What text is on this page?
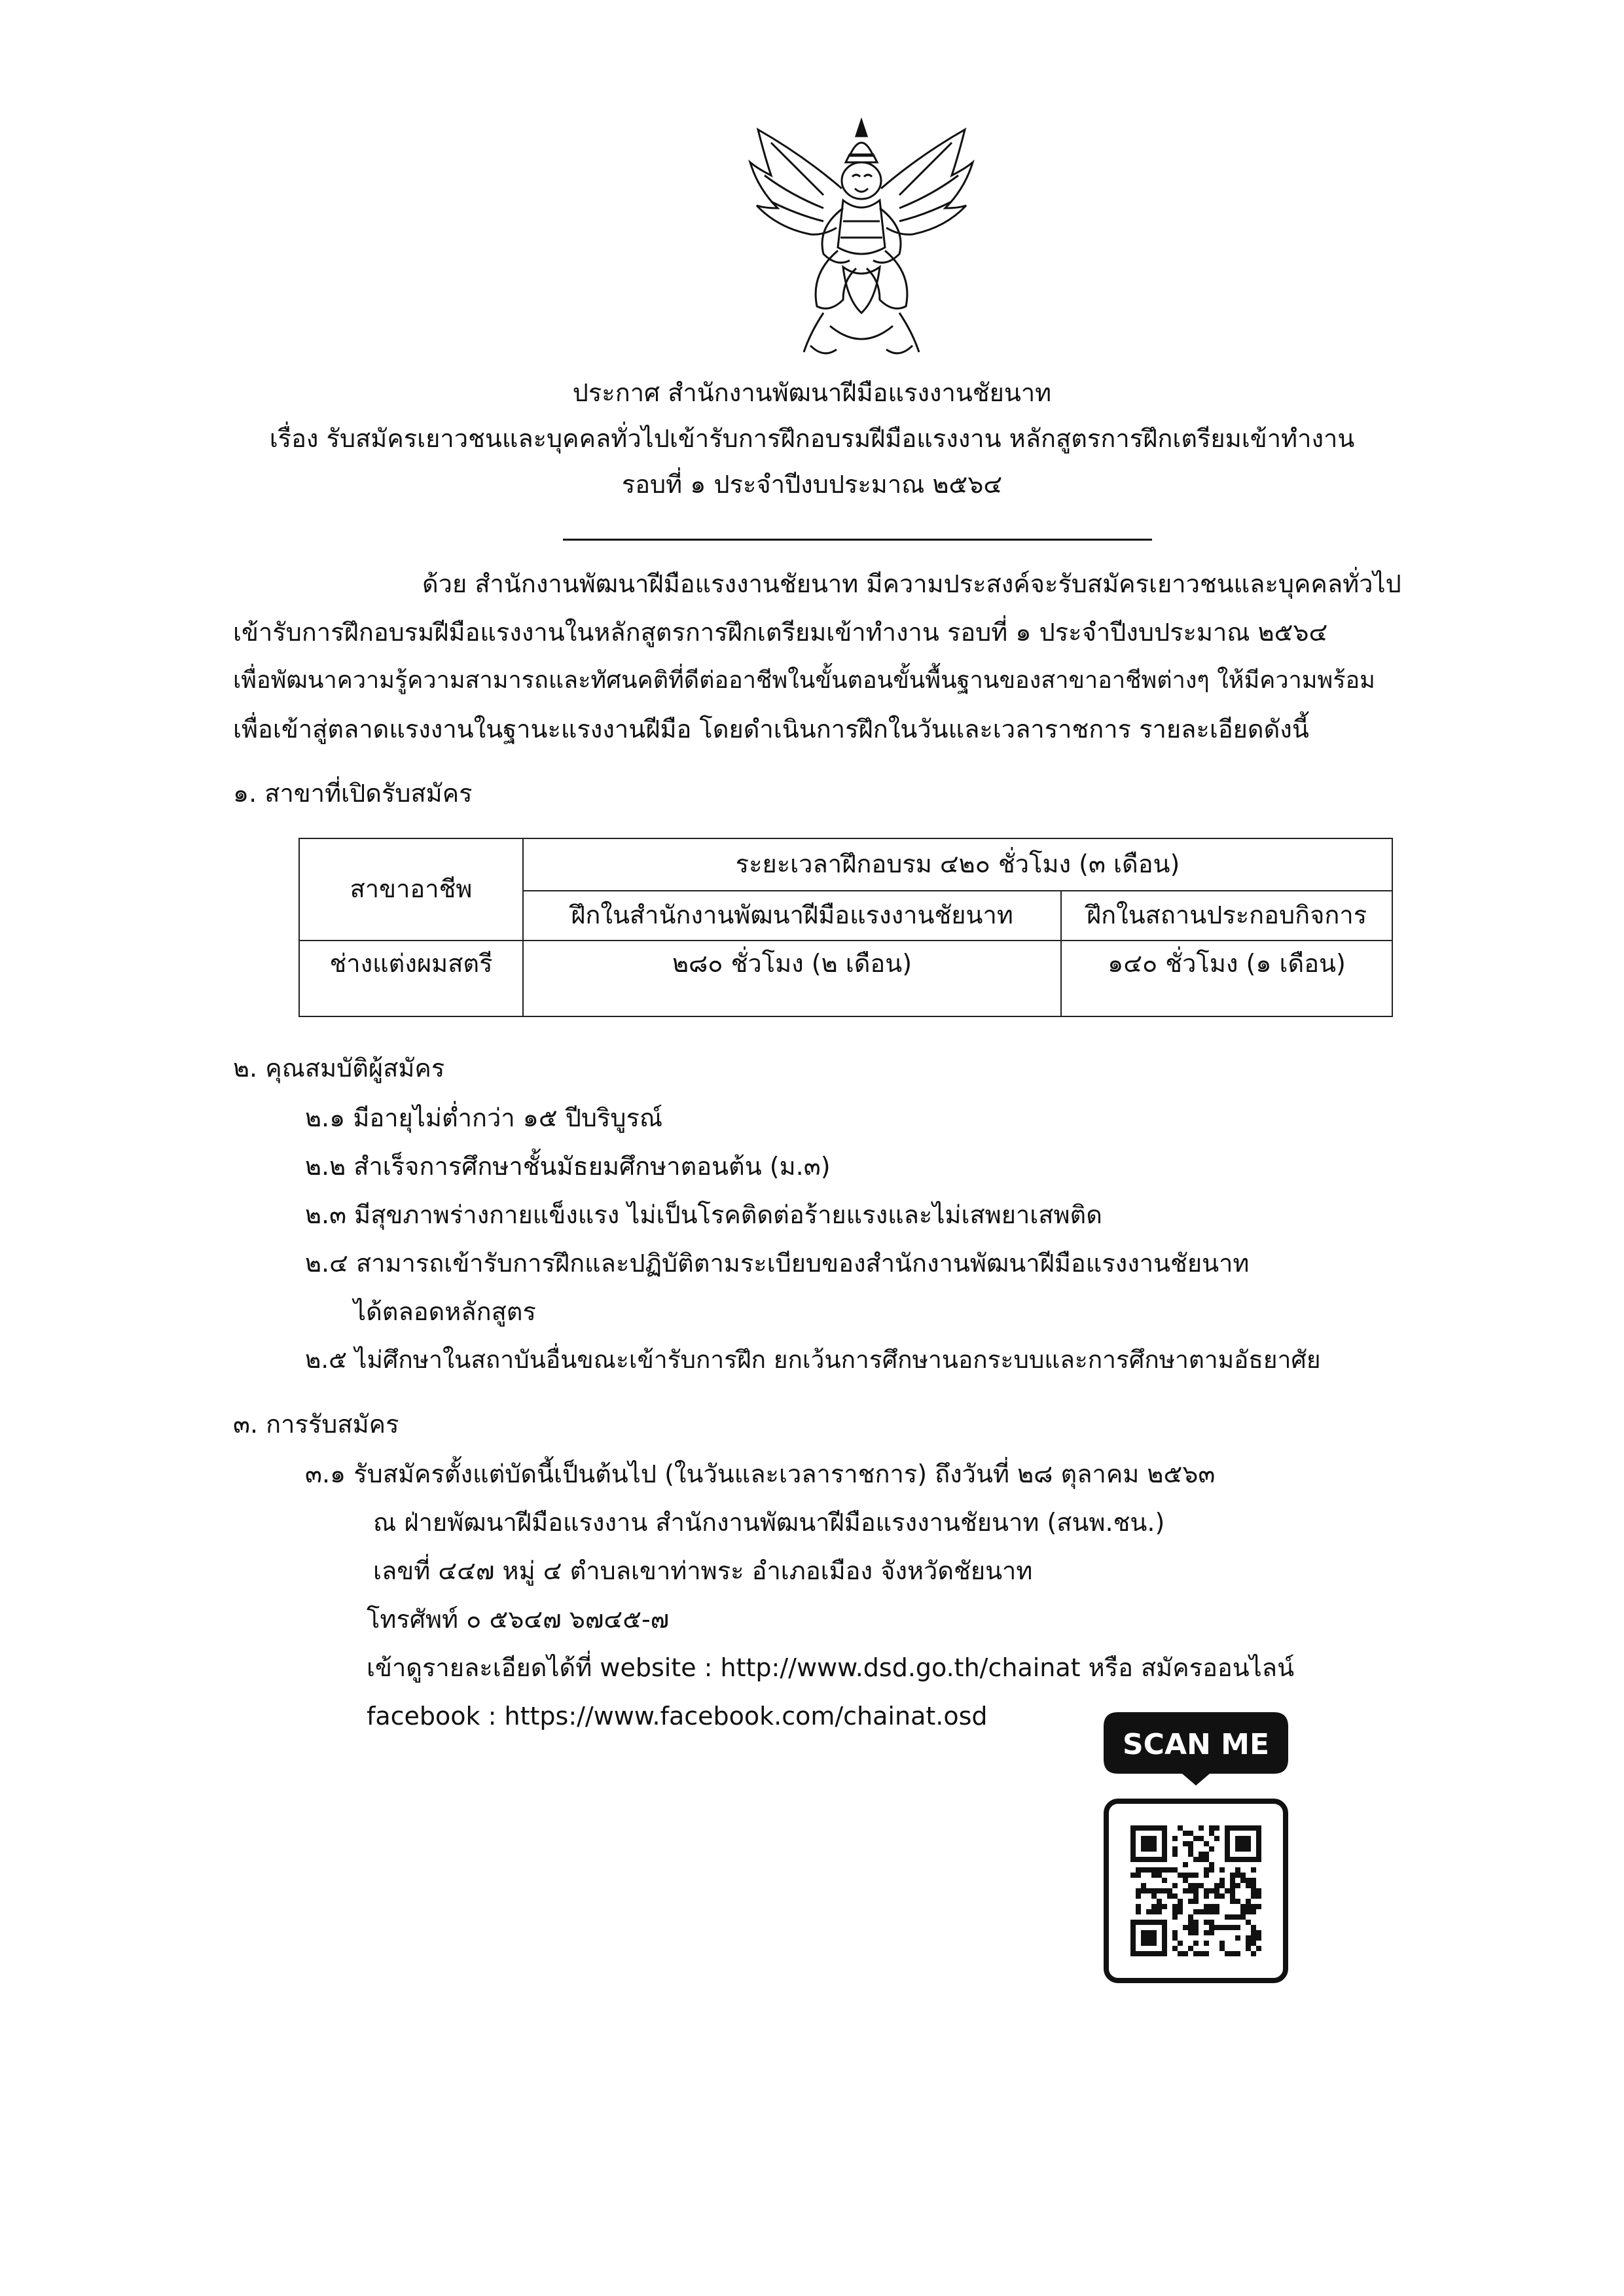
ประกาศ สำนักงานพัฒนาฝีมือแรงงานชัยนาท
เรื่อง รับสมัครเยาวชนและบุคคลทั่วไปเข้ารับการฝึกอบรมฝีมือแรงงาน หลักสูตรการฝึกเตรียมเข้าทำงาน
รอบที่ ๑ ประจำปีงบประมาณ ๒๕๖๔
ด้วย สำนักงานพัฒนาฝีมือแรงงานชัยนาท มีความประสงค์จะรับสมัครเยาวชนและบุคคลทั่วไป
เข้ารับการฝึกอบรมฝีมือแรงงานในหลักสูตรการฝึกเตรียมเข้าทำงาน รอบที่ ๑ ประจำปีงบประมาณ ๒๕๖๔
เพื่อพัฒนาความรู้ความสามารถและทัศนคติที่ดีต่ออาชีพในขั้นตอนขั้นพื้นฐานของสาขาอาชีพต่างๆ ให้มีความพร้อม
เพื่อเข้าสู่ตลาดแรงงานในฐานะแรงงานฝีมือ โดยดำเนินการฝึกในวันและเวลาราชการ รายละเอียดดังนี้
๑. สาขาที่เปิดรับสมัคร
สาขาอาชีพ	ระยะเวลาฝึกอบรม ๔๒๐ ชั่วโมง (๓ เดือน)	
	ฝึกในสำนักงานพัฒนาฝีมือแรงงานชัยนาท	ฝึกในสถานประกอบกิจการ
ช่างแต่งผมสตรี	๒๘๐ ชั่วโมง (๒ เดือน)	๑๔๐ ชั่วโมง (๑ เดือน)
๒. คุณสมบัติผู้สมัคร
๒.๑ มีอายุไม่ต่ำกว่า ๑๕ ปีบริบูรณ์
๒.๒ สำเร็จการศึกษาชั้นมัธยมศึกษาตอนต้น (ม.๓)
๒.๓ มีสุขภาพร่างกายแข็งแรง ไม่เป็นโรคติดต่อร้ายแรงและไม่เสพยาเสพติด
๒.๔ สามารถเข้ารับการฝึกและปฏิบัติตามระเบียบของสำนักงานพัฒนาฝีมือแรงงานชัยนาท
ได้ตลอดหลักสูตร
๒.๕ ไม่ศึกษาในสถาบันอื่นขณะเข้ารับการฝึก ยกเว้นการศึกษานอกระบบและการศึกษาตามอัธยาศัย
๓. การรับสมัคร
๓.๑ รับสมัครตั้งแต่บัดนี้เป็นต้นไป (ในวันและเวลาราชการ) ถึงวันที่ ๒๘ ตุลาคม ๒๕๖๓
ณ ฝ่ายพัฒนาฝีมือแรงงาน สำนักงานพัฒนาฝีมือแรงงานชัยนาท (สนพ.ชน.)
เลขที่ ๔๔๗ หมู่ ๔ ตำบลเขาท่าพระ อำเภอเมือง จังหวัดชัยนาท
โทรศัพท์ ๐ ๕๖๔๗ ๖๗๔๕-๗
เข้าดูรายละเอียดได้ที่ website : http://www.dsd.go.th/chainat หรือ สมัครออนไลน์
facebook : https://www.facebook.com/chainat.osd
SCAN ME
